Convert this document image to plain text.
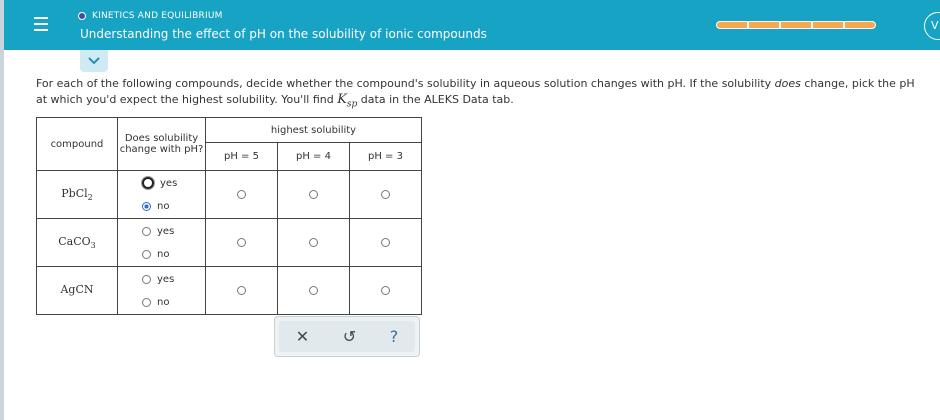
KINETICS AND EQUILIBRIUM
Understanding the effect of pH on the solubility of ionic compounds
V
For each of the following compounds, decide whether the compound's solubility in aqueous solution changes with pH. If the solubility does change, pick the pH
at which you'd expect the highest solubility. You'll find $K_{sp}$ data in the ALEKS Data tab.
compound	Does solubility change with pH?	highest solubility		
		pH = 5	pH = 4	pH = 3
PbCl$_2$	yes
no			

CaCO$_3$	yes
no			

AgCN	yes
no			

✕ ↺ ?
